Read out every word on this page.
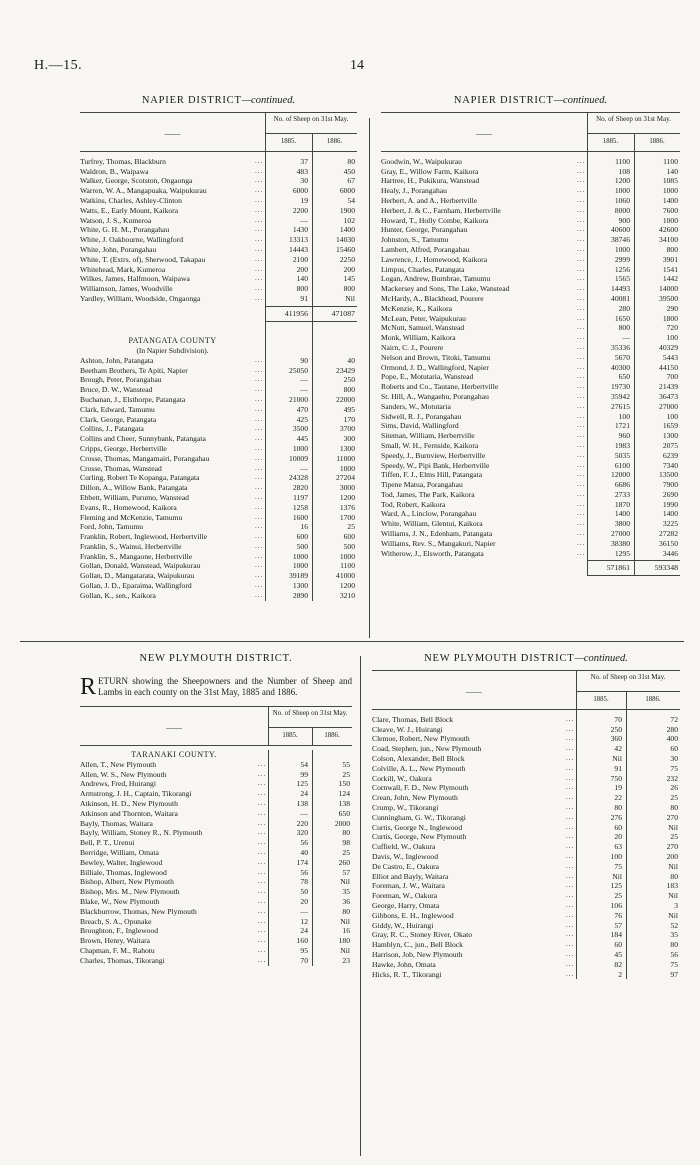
H.—15.	14
NAPIER DISTRICT—continued.
——
No. of Sheep on 31st May.
1885.	1886.
Turfrey, Thomas, Blackburn	...	37	80
Waldron, B., Waipawa	...	483	450
Walker, George, Scotston, Ongaonga	...	30	67
Warren, W. A., Mangapuaka, Waipukurau	...	6000	6000
Watkins, Charles, Ashley-Clinton	...	19	54
Watts, E., Early Mount, Kaikora	...	2200	1900
Watson, J. S., Kumeroa	...	—	102
White, G. H. M., Porangahau	...	1430	1400
White, J. Oakbourne, Wallingford	...	13313	14030
White, John, Porangahau	...	14443	15460
White, T. (Extrs. of), Sherwood, Takapau	...	2100	2250
Whitehead, Mark, Kumeroa	...	200	200
Wilkes, James, Halfmoon, Waipawa	...	140	145
Williamson, James, Woodville	...	800	800
Yardley, William, Woodside, Ongaonga	...	91	Nil
411956	471087
PATANGATA COUNTY
(In Napier Subdivision).
Ashton, John, Patangata	...	90	40
Beetham Brothers, Te Apiti, Napier	...	25050	23429
Brough, Peter, Porangahau	...	—	250
Bruce, D. W., Wanstead	...	—	800
Buchanan, J., Elsthorpe, Patangata	...	21000	22000
Clark, Edward, Tamumu	...	470	495
Clark, George, Patangata	...	425	170
Collins, J., Patangata	...	3500	3700
Collins and Cheer, Sunnybank, Patangata	...	445	300
Cripps, George, Herbertville	...	1000	1300
Crosse, Thomas, Mangamairi, Porangahau	...	10009	11000
Crosse, Thomas, Wanstead	...	—	1000
Curling, Robert Te Kopanga, Patangata	...	24328	27204
Dillon, A., Willow Bank, Patangata	...	2820	3000
Ebbett, William, Purumo, Wanstead	...	1197	1200
Evans, R., Homewood, Kaikora	...	1258	1376
Fleming and McKenzie, Tamumu	...	1600	1700
Ford, John, Tamumu	...	16	25
Franklin, Robert, Inglewood, Herbertville	...	600	600
Franklin, S., Wainui, Herbertville	...	500	500
Franklin, S., Mangaone, Herbertville	...	1000	1000
Gollan, Donald, Wanstead, Waipukurau	...	1000	1100
Gollan, D., Mangatarata, Waipukurau	...	39189	41000
Gollan, J. D., Eparaima, Wallingford	...	1300	1200
Gollan, K., sen., Kaikora	...	2890	3210
NAPIER DISTRICT—continued.
——
No. of Sheep on 31st May.
1885.	1886.
Goodwin, W., Waipukurau	...	1100	1100
Gray, E., Willow Farm, Kaikora	...	108	140
Hartree, H., Pukikura, Wanstead	...	1200	1085
Healy, J., Porangahau	...	1000	1000
Herbert, A. and A., Herbertville	...	1060	1400
Herbert, J. & C., Farnham, Herbertville	...	8000	7600
Howard, T., Holly Combe, Kaikora	...	900	1000
Hunter, George, Porangahau	...	40600	42600
Johnston, S., Tamumu	...	38746	34100
Lambert, Alfred, Porangahau	...	1000	800
Lawrence, J., Homewood, Kaikora	...	2999	3901
Limpus, Charles, Patangata	...	1256	1541
Logan, Andrew, Burnbrae, Tamumu	...	1565	1442
Mackersey and Sons, The Lake, Wanstead	...	14493	14000
McHardy, A., Blackhead, Pourere	...	40081	39500
McKenzie, K., Kaikora	...	280	290
McLean, Peter, Waipukurau	...	1650	1800
McNutt, Samuel, Wanstead	...	800	720
Monk, William, Kaikora	...	—	100
Nairn, C. J., Pourere	...	35336	40329
Nelson and Brown, Titoki, Tamumu	...	5670	5443
Ormond, J. D., Wallingford, Napier	...	40300	44150
Pope, E., Motutaria, Wanstead	...	650	700
Roberts and Co., Tautane, Herbertville	...	19730	21439
St. Hill, A., Wangaehu, Porangahau	...	35942	36473
Sanders, W., Motutaria	...	27615	27000
Sidwell, R. J., Porangahau	...	100	100
Sims, David, Wallingford	...	1721	1659
Siteman, William, Herbertville	...	960	1300
Small, W. H., Fernside, Kaikora	...	1983	2075
Speedy, J., Burnview, Herbertville	...	5035	6239
Speedy, W., Pipi Bank, Herbertville	...	6100	7340
Tiffen, F. J., Elms Hill, Patangata	...	12000	13500
Tipene Matua, Porangahau	...	6686	7900
Tod, James, The Park, Kaikora	...	2733	2690
Tod, Robert, Kaikora	...	1870	1990
Ward, A., Linclow, Porangahau	...	1400	1400
White, William, Glentui, Kaikora	...	3800	3225
Williams, J. N., Edenham, Patangata	...	27000	27282
Williams, Rev. S., Mangakuri, Napier	...	38380	36150
Witherow, J., Elsworth, Patangata	...	1295	3446
571861	593348
NEW PLYMOUTH DISTRICT.
RETURN showing the Sheepowners and the Number of Sheep and Lambs in each county on the 31st May, 1885 and 1886.
——
No. of Sheep on 31st May.
1885.	1886.
TARANAKI COUNTY.
Allen, T., New Plymouth	...	54	55
Allen, W. S., New Plymouth	...	99	25
Andrews, Fred, Huirangi	...	125	150
Armstrong, J. H., Captain, Tikorangi	...	24	124
Atkinson, H. D., New Plymouth	...	138	138
Atkinson and Thornton, Waitara	...	—	650
Bayly, Thomas, Waitara	...	220	2000
Bayly, William, Stoney R., N. Plymouth	...	320	80
Bell, P. T., Urenui	...	56	98
Berridge, William, Omata	...	40	25
Bewley, Walter, Inglewood	...	174	260
Billiale, Thomas, Inglewood	...	56	57
Bishop, Albert, New Plymouth	...	78	Nil
Bishop, Mrs. M., New Plymouth	...	50	35
Blake, W., New Plymouth	...	20	36
Blackburrow, Thomas, New Plymouth	...	—	80
Breach, S. A., Opunake	...	12	Nil
Broughton, F., Inglewood	...	24	16
Brown, Henry, Waitara	...	160	180
Chapman, F. M., Rahotu	...	95	Nil
Charles, Thomas, Tikorangi	...	70	23
NEW PLYMOUTH DISTRICT—continued.
——
No. of Sheep on 31st May.
1885.	1886.
Clare, Thomas, Bell Block	...	70	72
Cleave, W. J., Huirangi	...	250	280
Clemoe, Robert, New Plymouth	...	360	400
Coad, Stephen, jun., New Plymouth	...	42	60
Colson, Alexander, Bell Block	...	Nil	30
Colville, A. L., New Plymouth	...	91	75
Corkill, W., Oakura	...	750	232
Cornwall, F. D., New Plymouth	...	19	26
Crean, John, New Plymouth	...	22	25
Crump, W., Tikorangi	...	80	80
Cunningham, G. W., Tikorangi	...	276	270
Curtis, George N., Inglewood	...	60	Nil
Curtis, George, New Plymouth	...	20	25
Cuffield, W., Oakura	...	63	270
Davis, W., Inglewood	...	100	200
De Castro, E., Oakura	...	75	Nil
Elliot and Bayly, Waitara	...	Nil	80
Foreman, J. W., Waitara	...	125	183
Foreman, W., Oakura	...	25	Nil
George, Harry, Omata	...	106	3
Gibbons, E. H., Inglewood	...	76	Nil
Giddy, W., Huirangi	...	57	52
Gray, R. C., Stoney River, Okato	...	184	35
Hamblyn, C., jun., Bell Block	...	60	80
Harrison, Job, New Plymouth	...	45	56
Hawke, John, Omata	...	82	75
Hicks, R. T., Tikorangi	...	2	97
